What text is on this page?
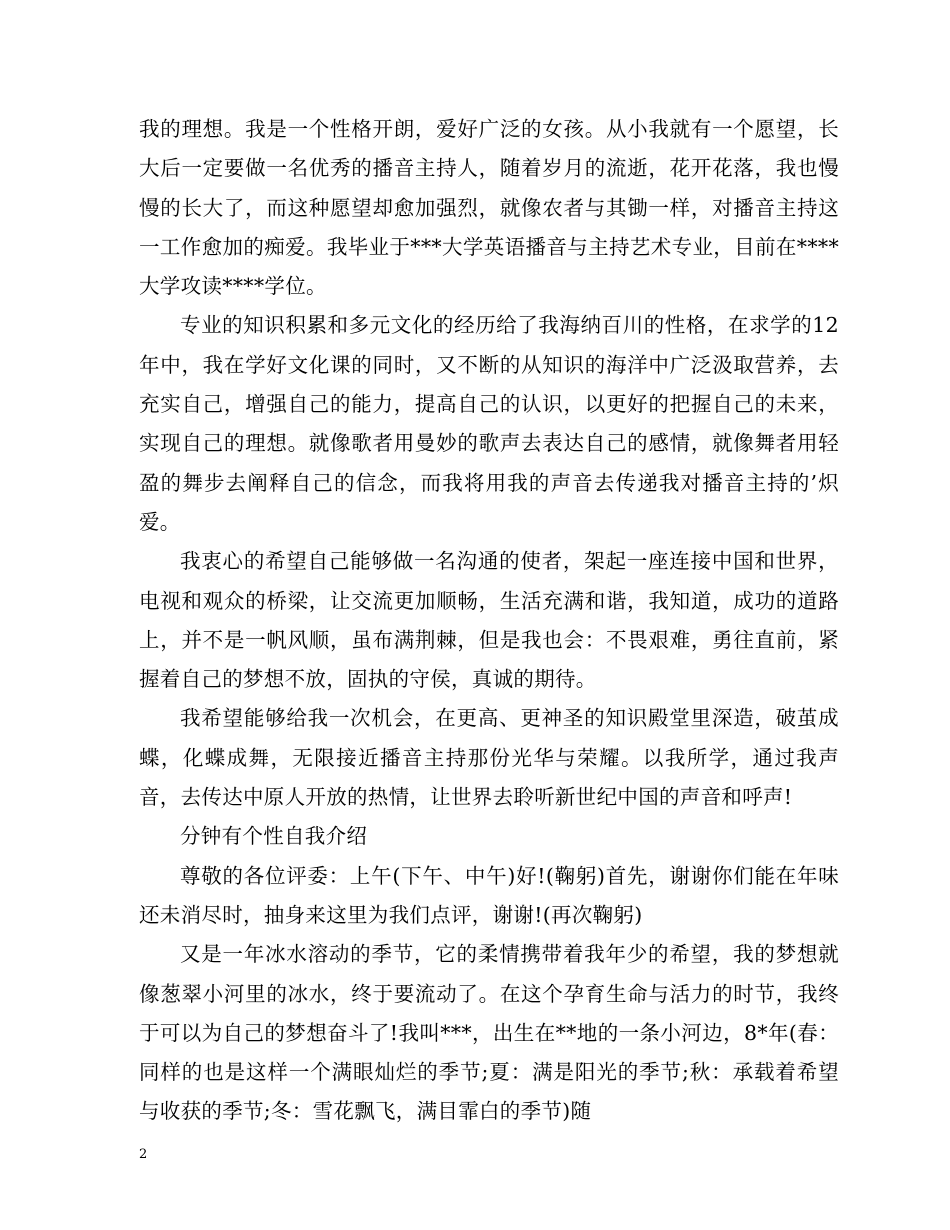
我的理想。我是一个性格开朗，爱好广泛的女孩。从小我就有一个愿望，长大后一定要做一名优秀的播音主持人，随着岁月的流逝，花开花落，我也慢慢的长大了，而这种愿望却愈加强烈，就像农者与其锄一样，对播音主持这一工作愈加的痴爱。我毕业于***大学英语播音与主持艺术专业，目前在****大学攻读****学位。

专业的知识积累和多元文化的经历给了我海纳百川的性格，在求学的12年中，我在学好文化课的同时，又不断的从知识的海洋中广泛汲取营养，去充实自己，增强自己的能力，提高自己的认识，以更好的把握自己的未来，实现自己的理想。就像歌者用曼妙的歌声去表达自己的感情，就像舞者用轻盈的舞步去阐释自己的信念，而我将用我的声音去传递我对播音主持的’炽爱。

我衷心的希望自己能够做一名沟通的使者，架起一座连接中国和世界，电视和观众的桥梁，让交流更加顺畅，生活充满和谐，我知道，成功的道路上，并不是一帆风顺，虽布满荆棘，但是我也会：不畏艰难，勇往直前，紧握着自己的梦想不放，固执的守侯，真诚的期待。

我希望能够给我一次机会，在更高、更神圣的知识殿堂里深造，破茧成蝶，化蝶成舞，无限接近播音主持那份光华与荣耀。以我所学，通过我声音，去传达中原人开放的热情，让世界去聆听新世纪中国的声音和呼声!

分钟有个性自我介绍

尊敬的各位评委：上午(下午、中午)好!(鞠躬)首先，谢谢你们能在年味还未消尽时，抽身来这里为我们点评，谢谢!(再次鞠躬)

又是一年冰水溶动的季节，它的柔情携带着我年少的希望，我的梦想就像葱翠小河里的冰水，终于要流动了。在这个孕育生命与活力的时节，我终于可以为自己的梦想奋斗了!我叫***，出生在**地的一条小河边，8*年(春：同样的也是这样一个满眼灿烂的季节;夏：满是阳光的季节;秋：承载着希望与收获的季节;冬：雪花飘飞，满目霏白的季节)随

2
